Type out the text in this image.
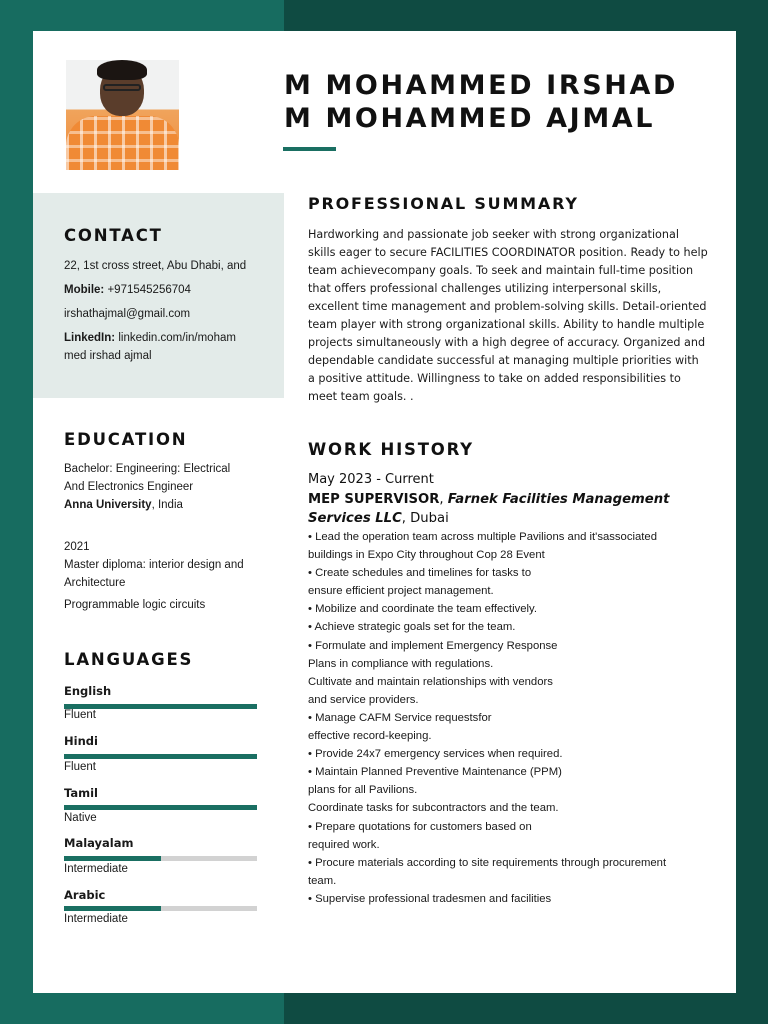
M MOHAMMED IRSHAD
M MOHAMMED AJMAL
CONTACT

22, 1st cross street, Abu Dhabi, and

Mobile: +971545256704

irshathajmal@gmail.com

LinkedIn: linkedin.com/in/moham

med irshad ajmal

EDUCATION

Bachelor: Engineering: Electrical

And Electronics Engineer

Anna University, India

2021

Master diploma: interior design and

Architecture

Programmable logic circuits

LANGUAGES

English

Fluent

Hindi

Fluent

Tamil

Native

Malayalam

Intermediate

Arabic

Intermediate

PROFESSIONAL SUMMARY

Hardworking and passionate job seeker with strong organizational skills eager to secure FACILITIES COORDINATOR position. Ready to help team achievecompany goals. To seek and maintain full-time position that offers professional challenges utilizing interpersonal skills, excellent time management and problem-solving skills. Detail-oriented team player with strong organizational skills. Ability to handle multiple projects simultaneously with a high degree of accuracy. Organized and dependable candidate successful at managing multiple priorities with a positive attitude. Willingness to take on added responsibilities to meet team goals. .

WORK HISTORY

May 2023 - Current

MEP SUPERVISOR, Farnek Facilities Management Services LLC, Dubai

• Lead the operation team across multiple Pavilions and it'sassociated
buildings in Expo City throughout Cop 28 Event
• Create schedules and timelines for tasks to
ensure efficient project management.
• Mobilize and coordinate the team effectively.
• Achieve strategic goals set for the team.
• Formulate and implement Emergency Response
Plans in compliance with regulations.
Cultivate and maintain relationships with vendors
and service providers.
• Manage CAFM Service requestsfor
effective record-keeping.
• Provide 24x7 emergency services when required.
• Maintain Planned Preventive Maintenance (PPM)
plans for all Pavilions.
Coordinate tasks for subcontractors and the team.
• Prepare quotations for customers based on
required work.
• Procure materials according to site requirements through procurement
team.
• Supervise professional tradesmen and facilities
